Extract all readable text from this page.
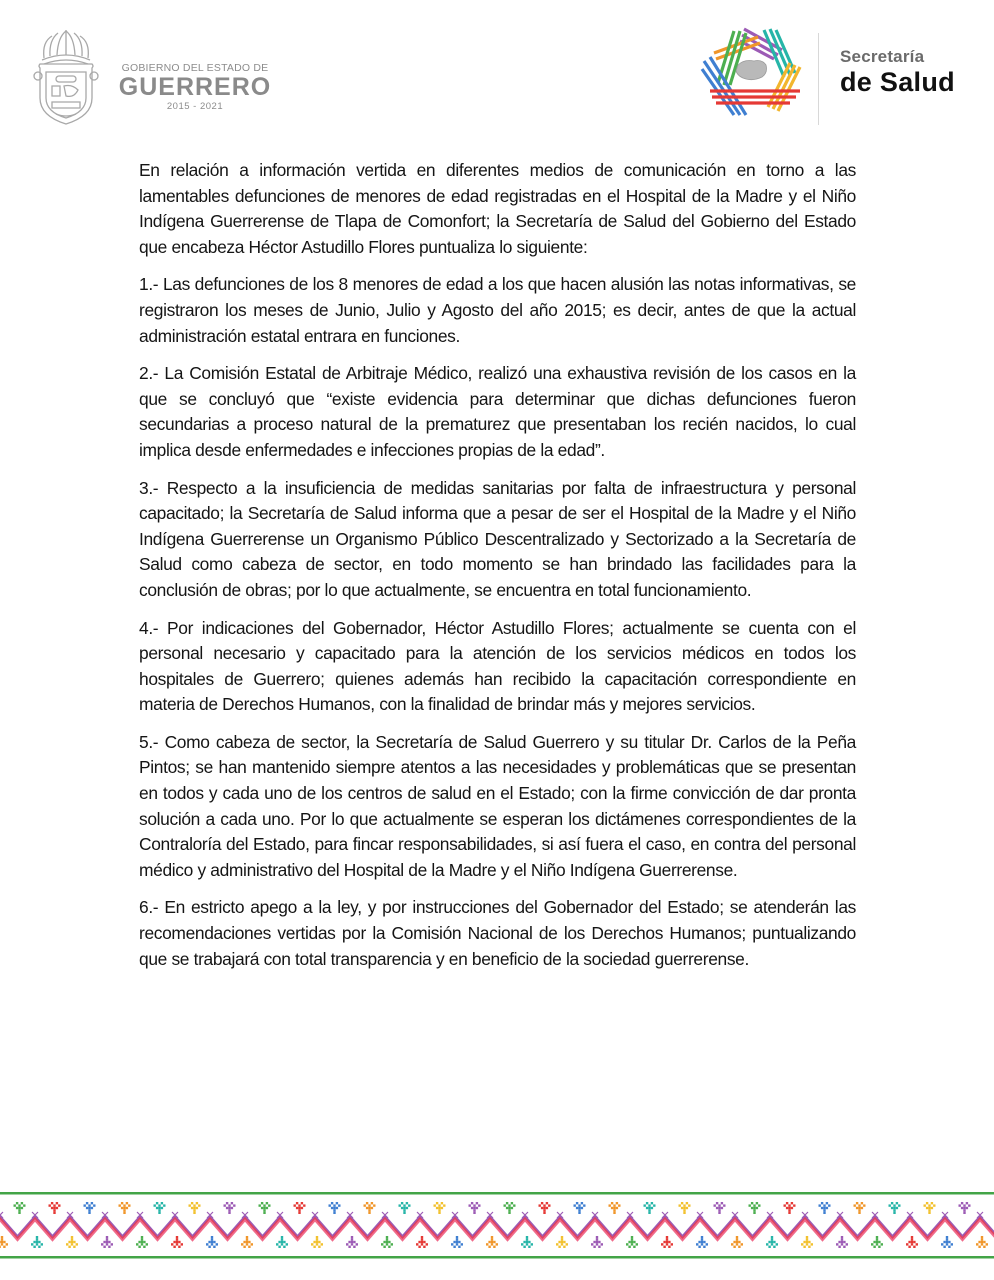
GOBIERNO DEL ESTADO DE
GUERRERO
2015 - 2021
Secretaría
de Salud

En relación a información vertida en diferentes medios de comunicación en torno a las lamentables defunciones de menores de edad registradas en el Hospital de la Madre y el Niño Indígena Guerrerense de Tlapa de Comonfort; la Secretaría de Salud del Gobierno del Estado que encabeza Héctor Astudillo Flores puntualiza lo siguiente:

1.- Las defunciones de los 8 menores de edad a los que hacen alusión las notas informativas, se registraron los meses de Junio, Julio y Agosto del año 2015; es decir, antes de que la actual administración estatal entrara en funciones.

2.- La Comisión Estatal de Arbitraje Médico, realizó una exhaustiva revisión de los casos en la que se concluyó que “existe evidencia para determinar que dichas defunciones fueron secundarias a proceso natural de la prematurez que presentaban los recién nacidos, lo cual implica desde enfermedades e infecciones propias de la edad”.

3.- Respecto a la insuficiencia de medidas sanitarias por falta de infraestructura y personal capacitado; la Secretaría de Salud informa que a pesar de ser el Hospital de la Madre y el Niño Indígena Guerrerense un Organismo Público Descentralizado y Sectorizado a la Secretaría de Salud como cabeza de sector, en todo momento se han brindado las facilidades para la conclusión de obras; por lo que actualmente, se encuentra en total funcionamiento.

4.- Por indicaciones del Gobernador, Héctor Astudillo Flores; actualmente se cuenta con el personal necesario y capacitado para la atención de los servicios médicos en todos los hospitales de Guerrero; quienes además han recibido la capacitación correspondiente en materia de Derechos Humanos, con la finalidad de brindar más y mejores servicios.

5.- Como cabeza de sector, la Secretaría de Salud Guerrero y su titular Dr. Carlos de la Peña Pintos; se han mantenido siempre atentos a las necesidades y problemáticas que se presentan en todos y cada uno de los centros de salud en el Estado; con la firme convicción de dar pronta solución a cada uno. Por lo que actualmente se esperan los dictámenes correspondientes de la Contraloría del Estado, para fincar responsabilidades, si así fuera el caso, en contra del personal médico y administrativo del Hospital de la Madre y el Niño Indígena Guerrerense.

6.- En estricto apego a la ley, y por instrucciones del Gobernador del Estado; se atenderán las recomendaciones vertidas por la Comisión Nacional de los Derechos Humanos; puntualizando que se trabajará con total transparencia y en beneficio de la sociedad guerrerense.
